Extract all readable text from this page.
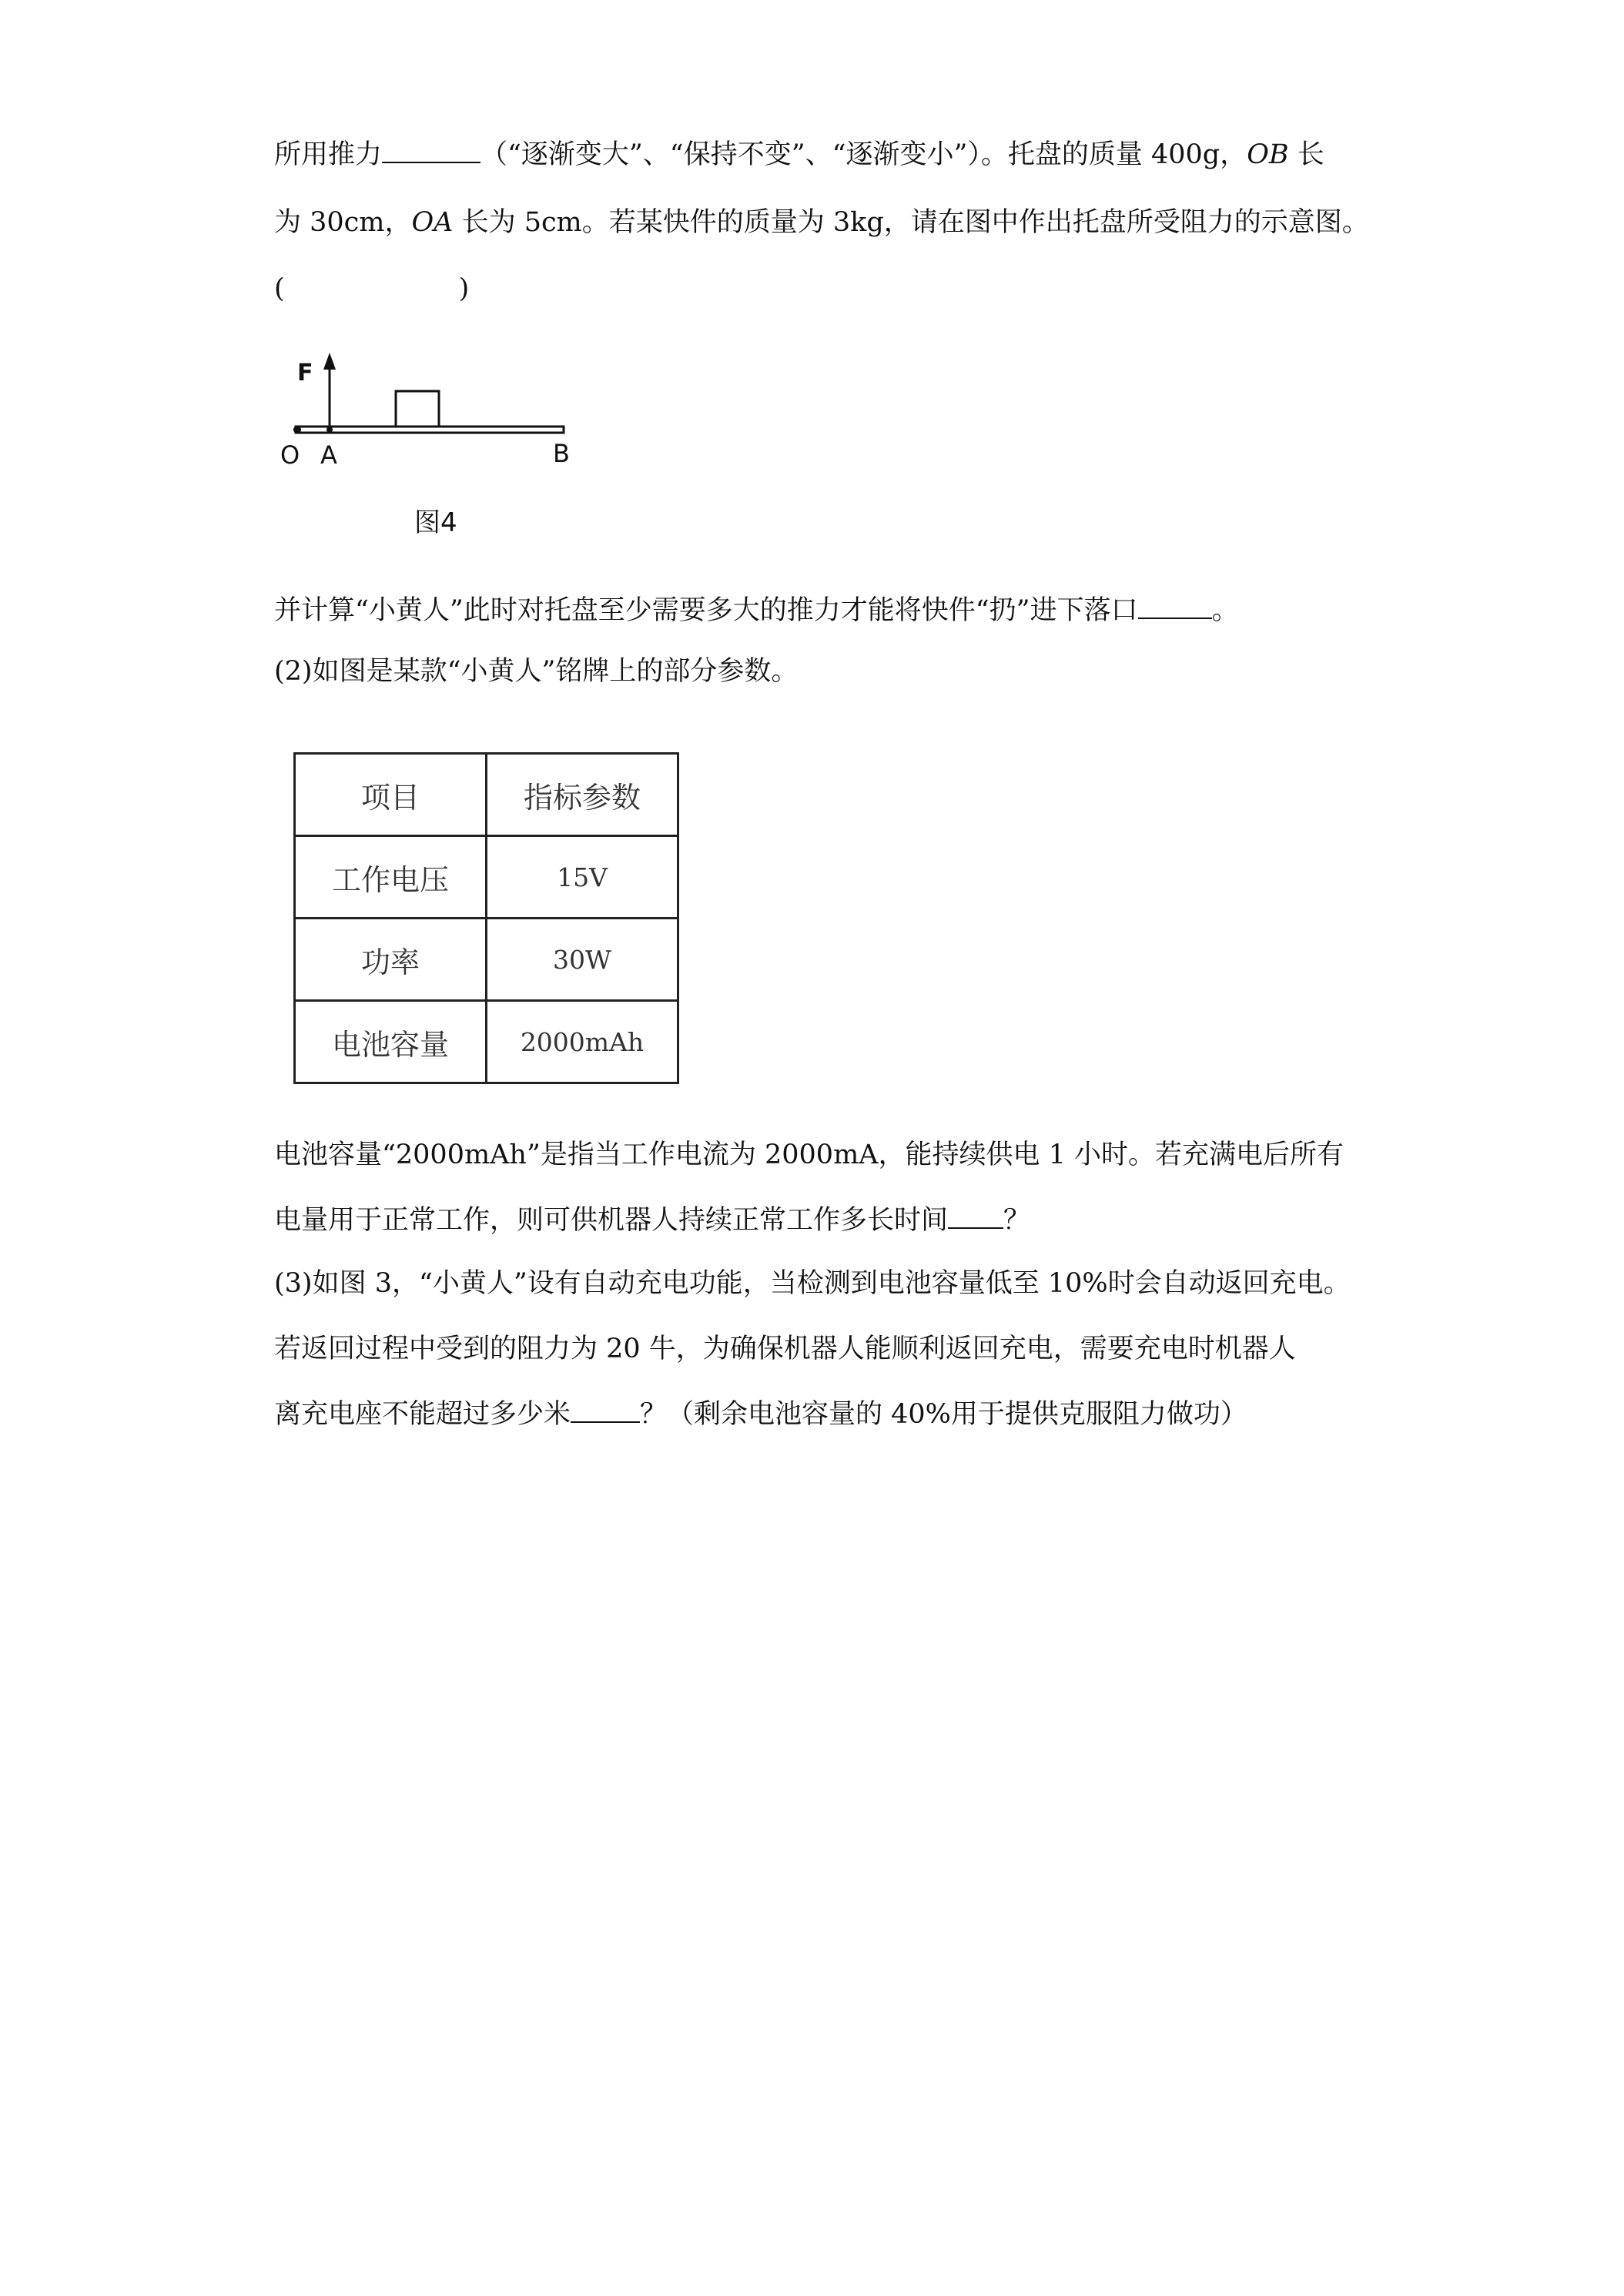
所用推力	（“逐渐变大”、“保持不变”、“逐渐变小”）。托盘的质量 400g，OB 长
为 30cm，OA 长为 5cm。若某快件的质量为 3kg，请在图中作出托盘所受阻力的示意图。
(	)
F
O A	B
图4
并计算“小黄人”此时对托盘至少需要多大的推力才能将快件“扔”进下落口	。
(2)如图是某款“小黄人”铭牌上的部分参数。
项目	指标参数
工作电压	15V
功率	30W
电池容量	2000mAh
电池容量“2000mAh”是指当工作电流为 2000mA，能持续供电 1 小时。若充满电后所有
电量用于正常工作，则可供机器人持续正常工作多长时间 ？
(3)如图 3，“小黄人”设有自动充电功能，当检测到电池容量低至 10%时会自动返回充电。
若返回过程中受到的阻力为 20 牛，为确保机器人能顺利返回充电，需要充电时机器人
离充电座不能超过多少米	？（剩余电池容量的 40%用于提供克服阻力做功）
